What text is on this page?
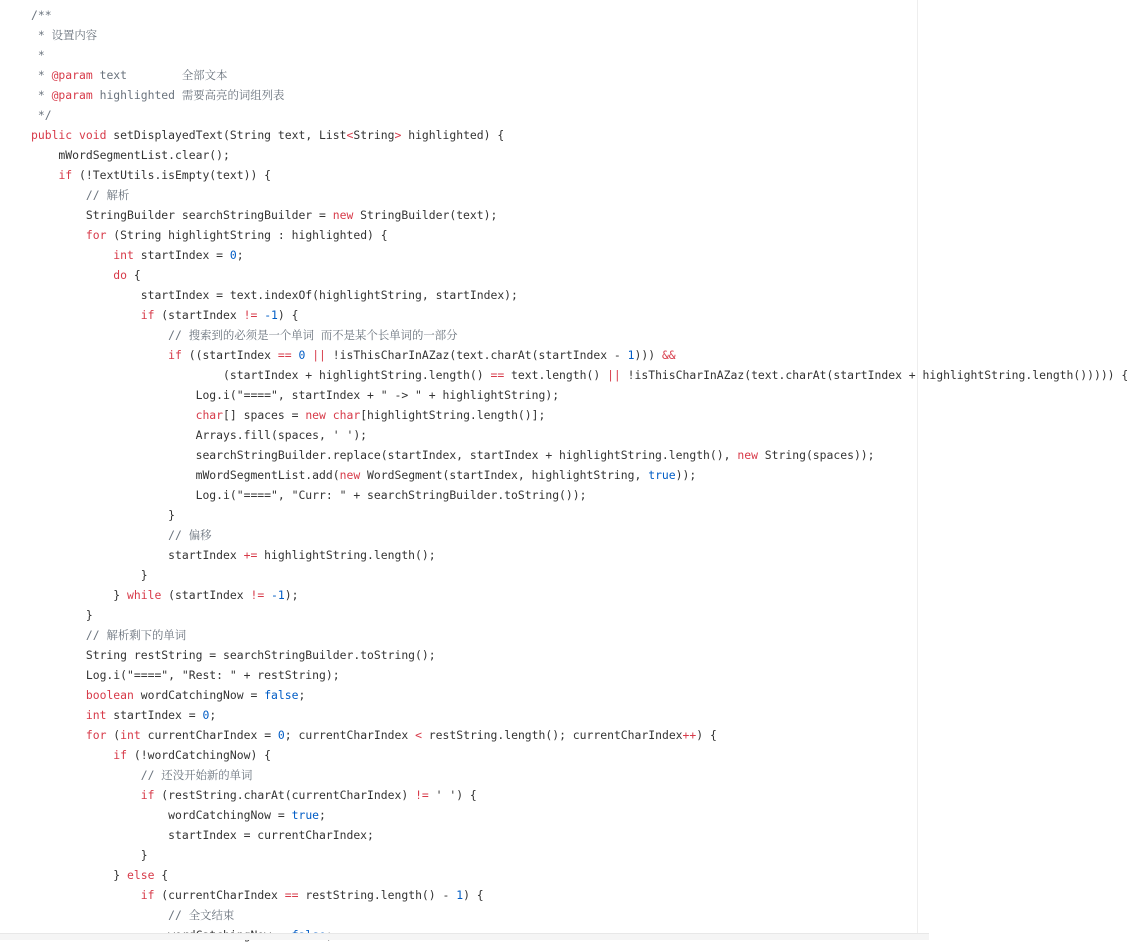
/**
* 设置内容
*
* @param text        全部文本
* @param highlighted 需要高亮的词组列表
*/
public void setDisplayedText(String text, List<String> highlighted) {
mWordSegmentList.clear();
if (!TextUtils.isEmpty(text)) {
// 解析
StringBuilder searchStringBuilder = new StringBuilder(text);
for (String highlightString : highlighted) {
int startIndex = 0;
do {
startIndex = text.indexOf(highlightString, startIndex);
if (startIndex != -1) {
// 搜索到的必须是一个单词 而不是某个长单词的一部分
if ((startIndex == 0 || !isThisCharInAZaz(text.charAt(startIndex - 1))) &&
(startIndex + highlightString.length() == text.length() || !isThisCharInAZaz(text.charAt(startIndex + highlightString.length())))) {
Log.i("====", startIndex + " -> " + highlightString);
char[] spaces = new char[highlightString.length()];
Arrays.fill(spaces, ' ');
searchStringBuilder.replace(startIndex, startIndex + highlightString.length(), new String(spaces));
mWordSegmentList.add(new WordSegment(startIndex, highlightString, true));
Log.i("====", "Curr: " + searchStringBuilder.toString());
}
// 偏移
startIndex += highlightString.length();
}
} while (startIndex != -1);
}
// 解析剩下的单词
String restString = searchStringBuilder.toString();
Log.i("====", "Rest: " + restString);
boolean wordCatchingNow = false;
int startIndex = 0;
for (int currentCharIndex = 0; currentCharIndex < restString.length(); currentCharIndex++) {
if (!wordCatchingNow) {
// 还没开始新的单词
if (restString.charAt(currentCharIndex) != ' ') {
wordCatchingNow = true;
startIndex = currentCharIndex;
}
} else {
if (currentCharIndex == restString.length() - 1) {
// 全文结束
